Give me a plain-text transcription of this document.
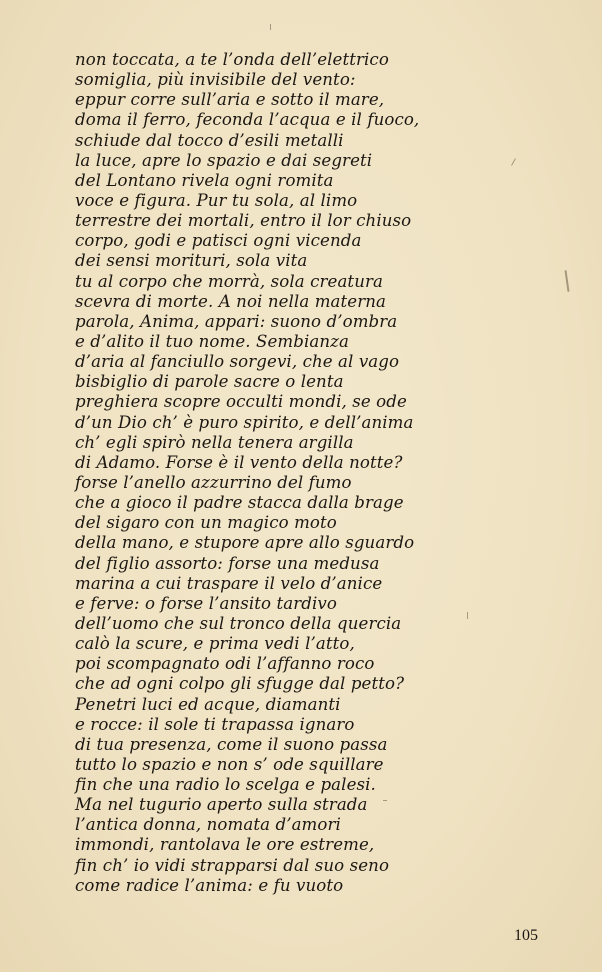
non toccata, a te l’onda dell’elettrico
somiglia, più invisibile del vento:
eppur corre sull’aria e sotto il mare,
doma il ferro, feconda l’acqua e il fuoco,
schiude dal tocco d’esili metalli
la luce, apre lo spazio e dai segreti
del Lontano rivela ogni romita
voce e figura. Pur tu sola, al limo
terrestre dei mortali, entro il lor chiuso
corpo, godi e patisci ogni vicenda
dei sensi morituri, sola vita
tu al corpo che morrà, sola creatura
scevra di morte. A noi nella materna
parola, Anima, appari: suono d’ombra
e d’alito il tuo nome. Sembianza
d’aria al fanciullo sorgevi, che al vago
bisbiglio di parole sacre o lenta
preghiera scopre occulti mondi, se ode
d’un Dio ch’ è puro spirito, e dell’anima
ch’ egli spirò nella tenera argilla
di Adamo. Forse è il vento della notte?
forse l’anello azzurrino del fumo
che a gioco il padre stacca dalla brage
del sigaro con un magico moto
della mano, e stupore apre allo sguardo
del figlio assorto: forse una medusa
marina a cui traspare il velo d’anice
e ferve: o forse l’ansito tardivo
dell’uomo che sul tronco della quercia
calò la scure, e prima vedi l’atto,
poi scompagnato odi l’affanno roco
che ad ogni colpo gli sfugge dal petto?
Penetri luci ed acque, diamanti
e rocce: il sole ti trapassa ignaro
di tua presenza, come il suono passa
tutto lo spazio e non s’ ode squillare
fin che una radio lo scelga e palesi.
Ma nel tugurio aperto sulla strada
l’antica donna, nomata d’amori
immondi, rantolava le ore estreme,
fin ch’ io vidi strapparsi dal suo seno
come radice l’anima: e fu vuoto
105
